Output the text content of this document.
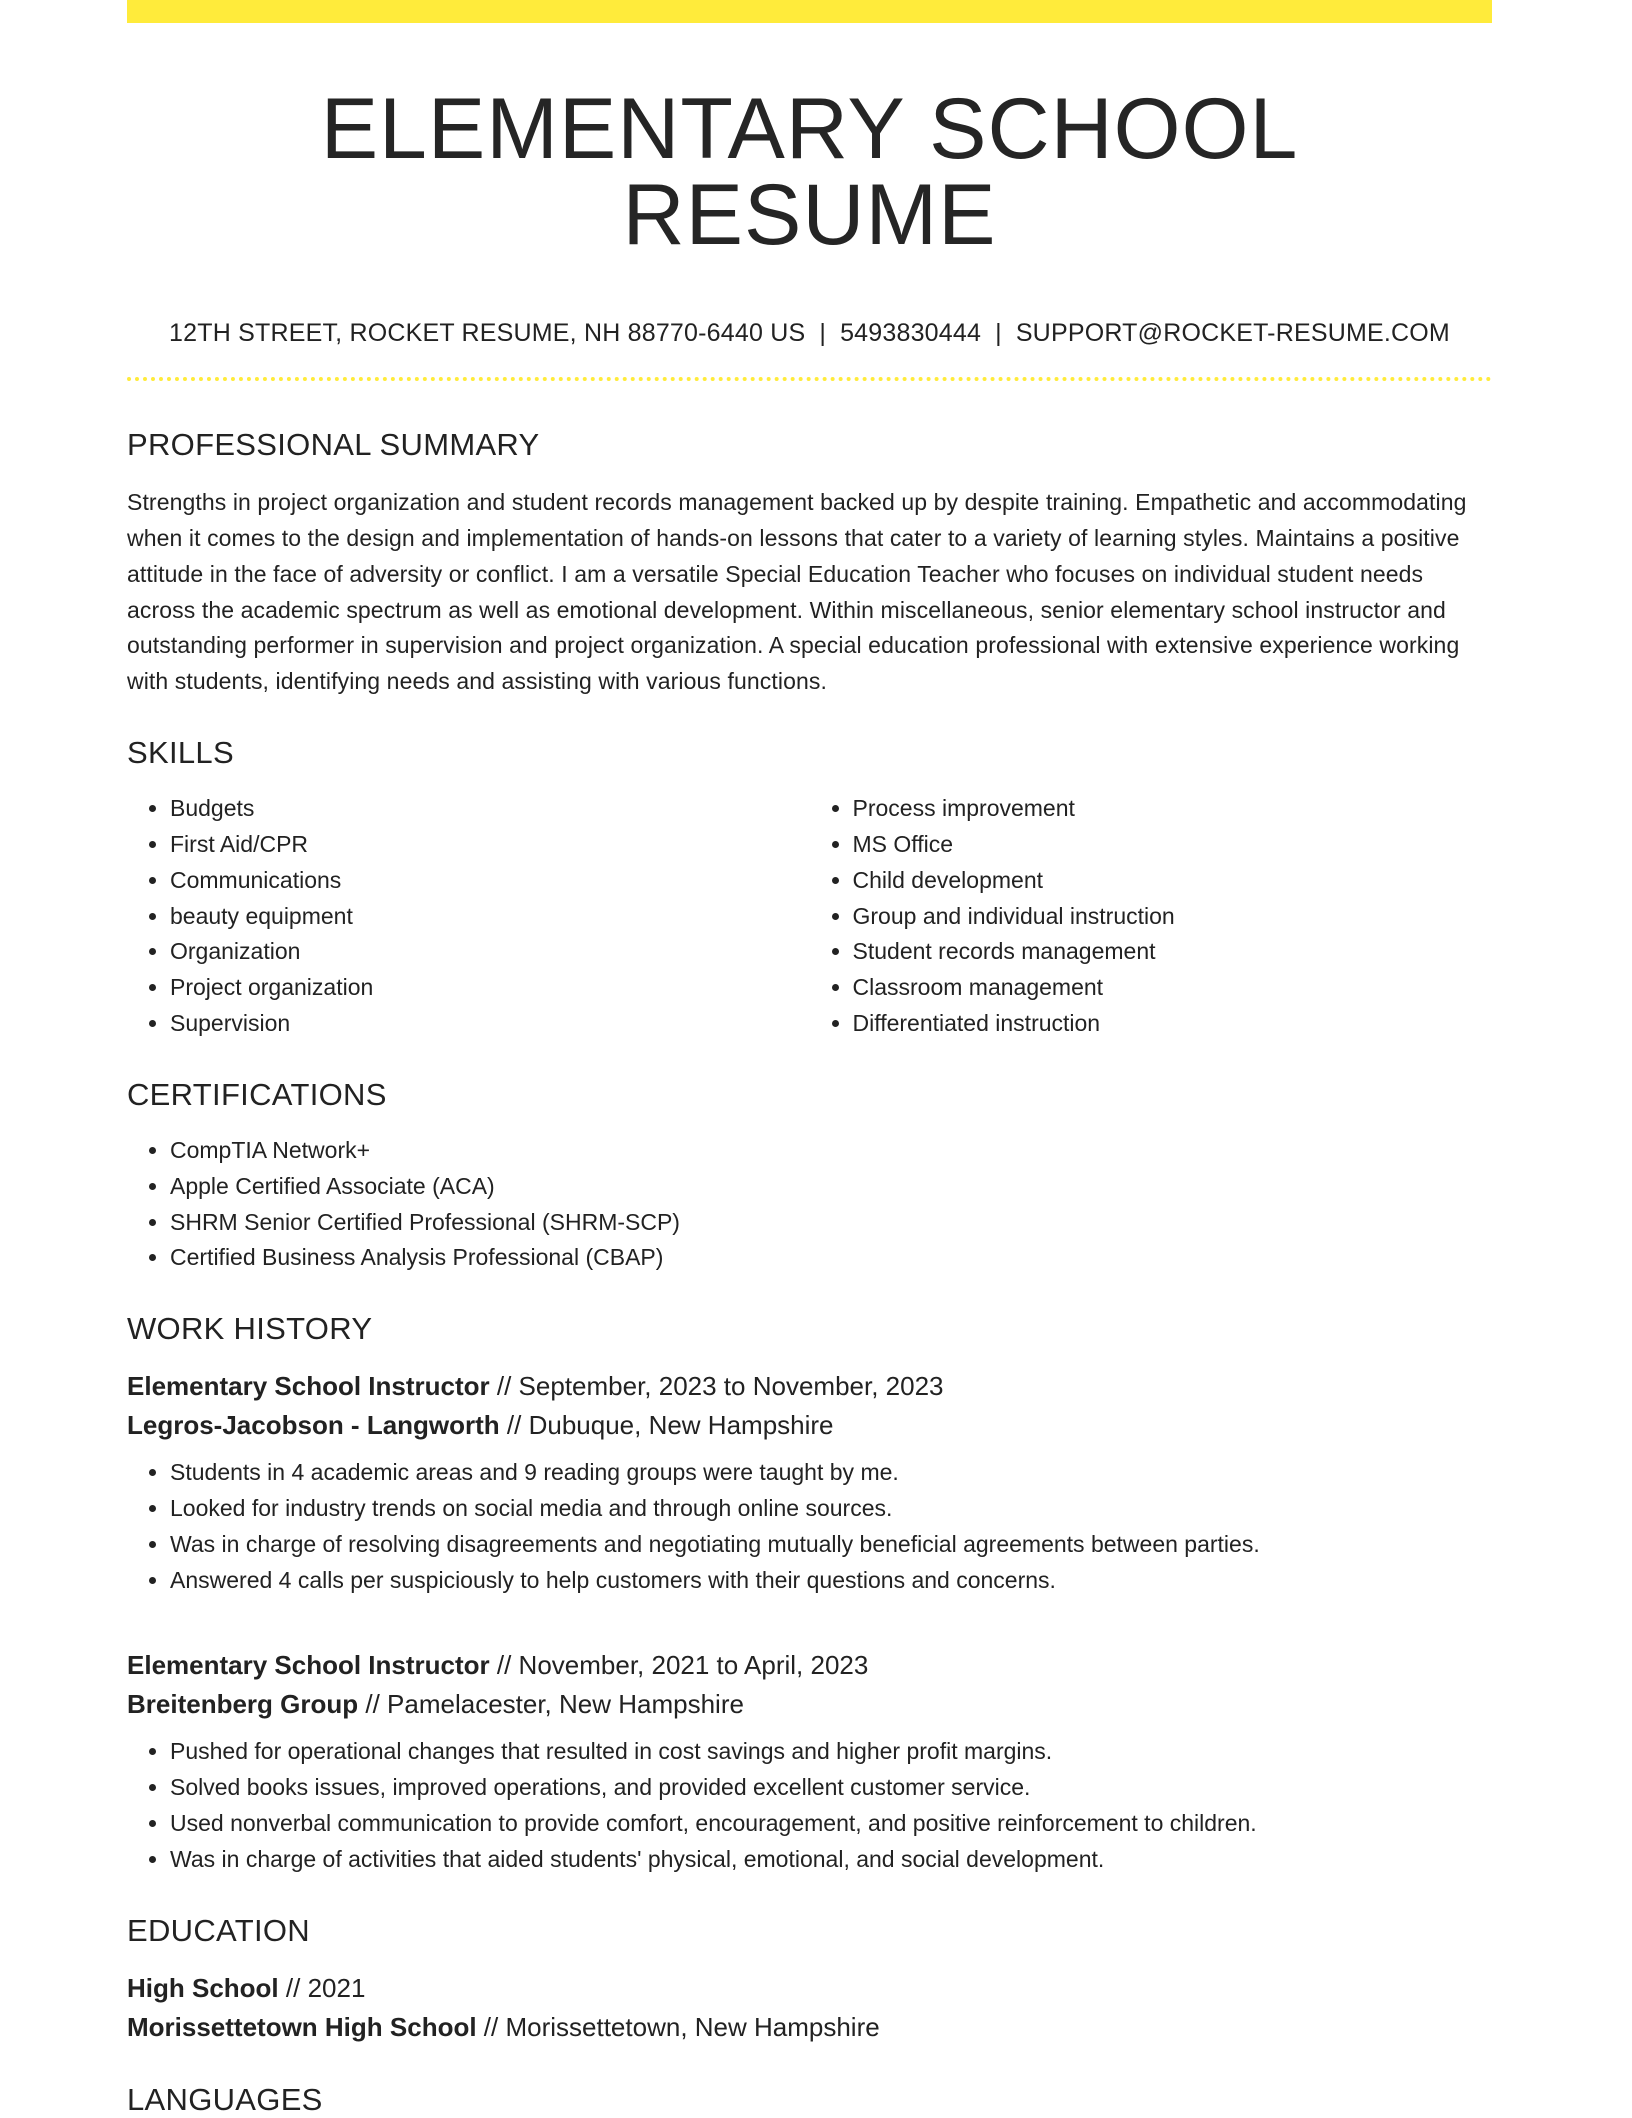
ELEMENTARY SCHOOL RESUME
12TH STREET, ROCKET RESUME, NH 88770-6440 US | 5493830444 | SUPPORT@ROCKET-RESUME.COM
PROFESSIONAL SUMMARY

Strengths in project organization and student records management backed up by despite training. Empathetic and accommodating when it comes to the design and implementation of hands-on lessons that cater to a variety of learning styles. Maintains a positive attitude in the face of adversity or conflict. I am a versatile Special Education Teacher who focuses on individual student needs across the academic spectrum as well as emotional development. Within miscellaneous, senior elementary school instructor and outstanding performer in supervision and project organization. A special education professional with extensive experience working with students, identifying needs and assisting with various functions.

SKILLS
• Budgets
• First Aid/CPR
• Communications
• beauty equipment
• Organization
• Project organization
• Supervision
• Process improvement
• MS Office
• Child development
• Group and individual instruction
• Student records management
• Classroom management
• Differentiated instruction
CERTIFICATIONS
• CompTIA Network+
• Apple Certified Associate (ACA)
• SHRM Senior Certified Professional (SHRM-SCP)
• Certified Business Analysis Professional (CBAP)
WORK HISTORY
Elementary School Instructor // September, 2023 to November, 2023
Legros-Jacobson - Langworth // Dubuque, New Hampshire
• Students in 4 academic areas and 9 reading groups were taught by me.
• Looked for industry trends on social media and through online sources.
• Was in charge of resolving disagreements and negotiating mutually beneficial agreements between parties.
• Answered 4 calls per suspiciously to help customers with their questions and concerns.
Elementary School Instructor // November, 2021 to April, 2023
Breitenberg Group // Pamelacester, New Hampshire
• Pushed for operational changes that resulted in cost savings and higher profit margins.
• Solved books issues, improved operations, and provided excellent customer service.
• Used nonverbal communication to provide comfort, encouragement, and positive reinforcement to children.
• Was in charge of activities that aided students' physical, emotional, and social development.
EDUCATION
High School // 2021
Morissettetown High School // Morissettetown, New Hampshire
LANGUAGES
